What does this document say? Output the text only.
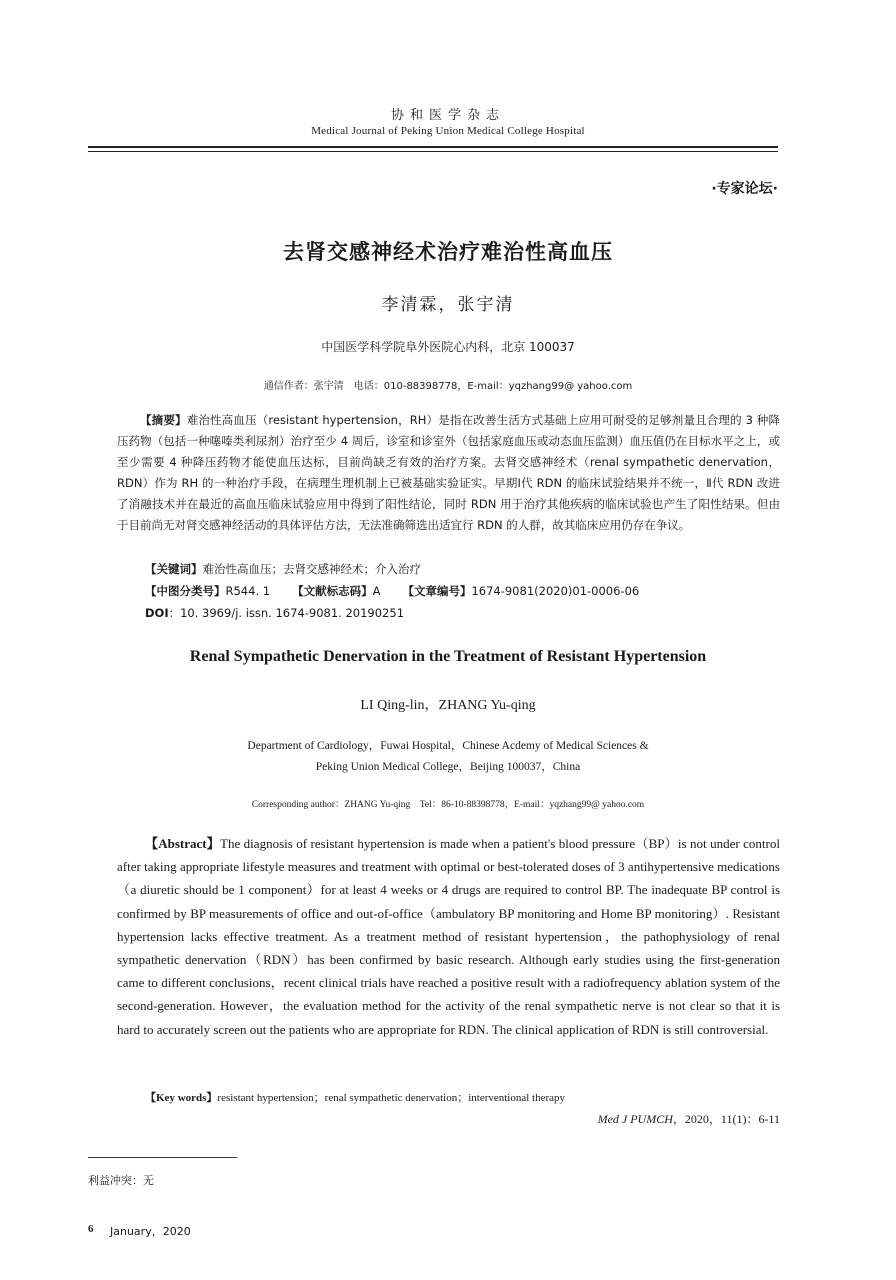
协和医学杂志
Medical Journal of Peking Union Medical College Hospital
·专家论坛·
去肾交感神经术治疗难治性高血压
李清霖，张宇清
中国医学科学院阜外医院心内科，北京 100037
通信作者：张宇清　电话：010-88398778，E-mail：yqzhang99@ yahoo.com
【摘要】难治性高血压（resistant hypertension，RH）是指在改善生活方式基础上应用可耐受的足够剂量且合理的 3 种降压药物（包括一种噻嗪类利尿剂）治疗至少 4 周后，诊室和诊室外（包括家庭血压或动态血压监测）血压值仍在目标水平之上，或至少需要 4 种降压药物才能使血压达标，目前尚缺乏有效的治疗方案。去肾交感神经术（renal sympathetic denervation，RDN）作为 RH 的一种治疗手段，在病理生理机制上已被基础实验证实。早期Ⅰ代 RDN 的临床试验结果并不统一，Ⅱ代 RDN 改进了消融技术并在最近的高血压临床试验应用中得到了阳性结论，同时 RDN 用于治疗其他疾病的临床试验也产生了阳性结果。但由于目前尚无对肾交感神经活动的具体评估方法，无法准确筛选出适宜行 RDN 的人群，故其临床应用仍存在争议。
【关键词】难治性高血压；去肾交感神经术；介入治疗
【中图分类号】R544. 1 【文献标志码】A 【文章编号】1674-9081(2020)01-0006-06
DOI：10. 3969/j. issn. 1674-9081. 20190251
Renal Sympathetic Denervation in the Treatment of Resistant Hypertension
LI Qing-lin，ZHANG Yu-qing
Department of Cardiology，Fuwai Hospital，Chinese Acdemy of Medical Sciences &
Peking Union Medical College，Beijing 100037，China
Corresponding author：ZHANG Yu-qing　Tel：86-10-88398778，E-mail：yqzhang99@ yahoo.com
【Abstract】The diagnosis of resistant hypertension is made when a patient's blood pressure（BP）is not under control after taking appropriate lifestyle measures and treatment with optimal or best-tolerated doses of 3 antihypertensive medications（a diuretic should be 1 component）for at least 4 weeks or 4 drugs are required to control BP. The inadequate BP control is confirmed by BP measurements of office and out-of-office（ambulatory BP monitoring and Home BP monitoring）. Resistant hypertension lacks effective treatment. As a treatment method of resistant hypertension，the pathophysiology of renal sympathetic denervation（RDN）has been confirmed by basic research. Although early studies using the first-generation came to different conclusions，recent clinical trials have reached a positive result with a radiofrequency ablation system of the second-generation. However，the evaluation method for the activity of the renal sympathetic nerve is not clear so that it is hard to accurately screen out the patients who are appropriate for RDN. The clinical application of RDN is still controversial.
【Key words】resistant hypertension；renal sympathetic denervation；interventional therapy
Med J PUMCH，2020，11(1)：6-11
利益冲突：无
6 January，2020
